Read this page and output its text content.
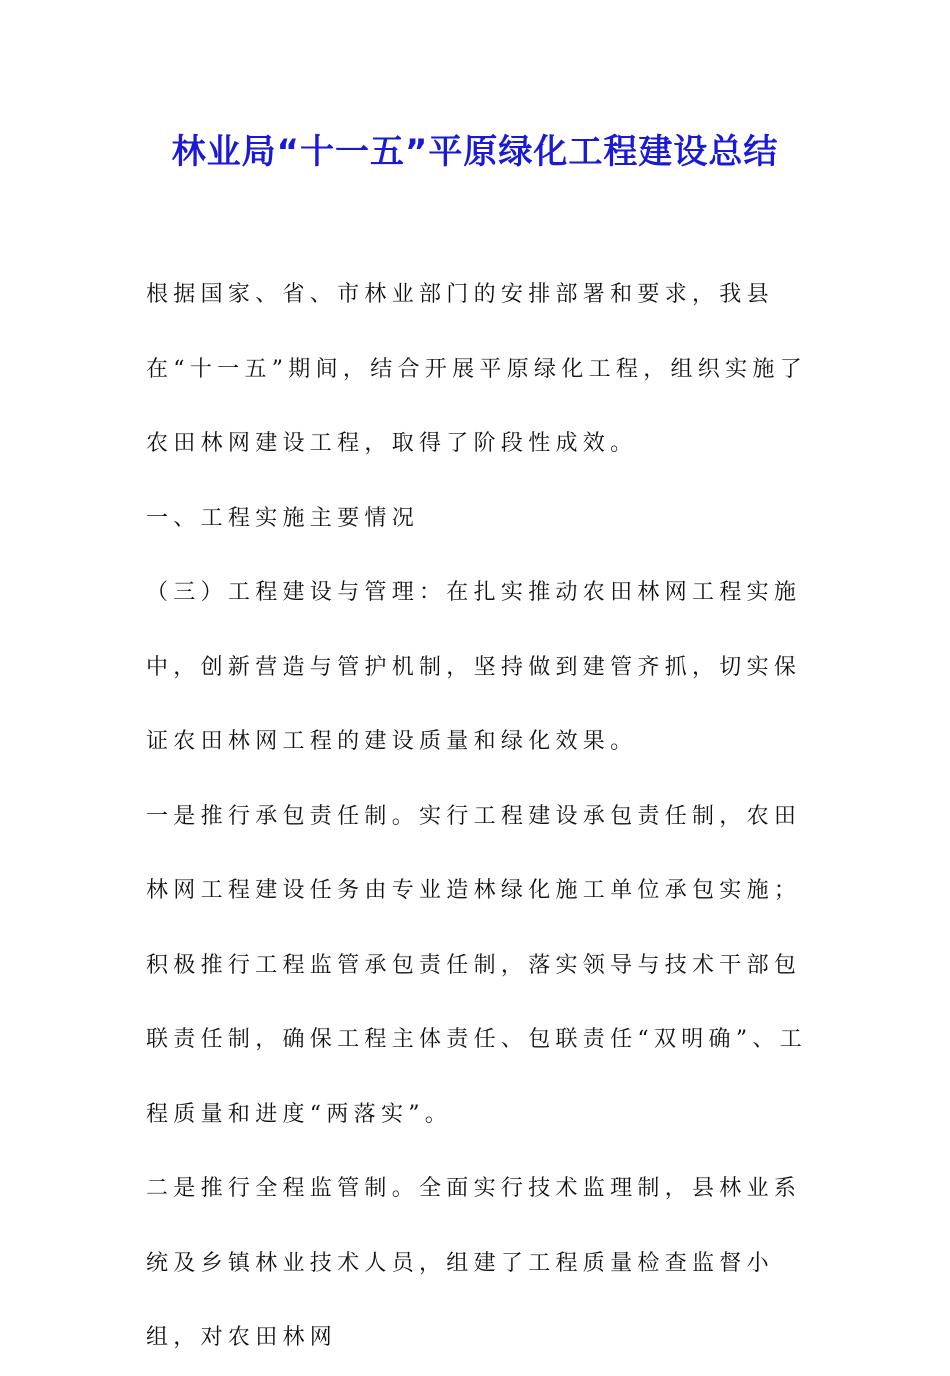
林业局“十一五”平原绿化工程建设总结

根据国家、省、市林业部门的安排部署和要求，我县在“十一五”期间，结合开展平原绿化工程，组织实施了农田林网建设工程，取得了阶段性成效。

一、工程实施主要情况

（三）工程建设与管理：在扎实推动农田林网工程实施中，创新营造与管护机制，坚持做到建管齐抓，切实保证农田林网工程的建设质量和绿化效果。

一是推行承包责任制。实行工程建设承包责任制，农田林网工程建设任务由专业造林绿化施工单位承包实施；积极推行工程监管承包责任制，落实领导与技术干部包联责任制，确保工程主体责任、包联责任“双明确”、工程质量和进度“两落实”。

二是推行全程监管制。全面实行技术监理制，县林业系统及乡镇林业技术人员，组建了工程质量检查监督小组，对农田林网
